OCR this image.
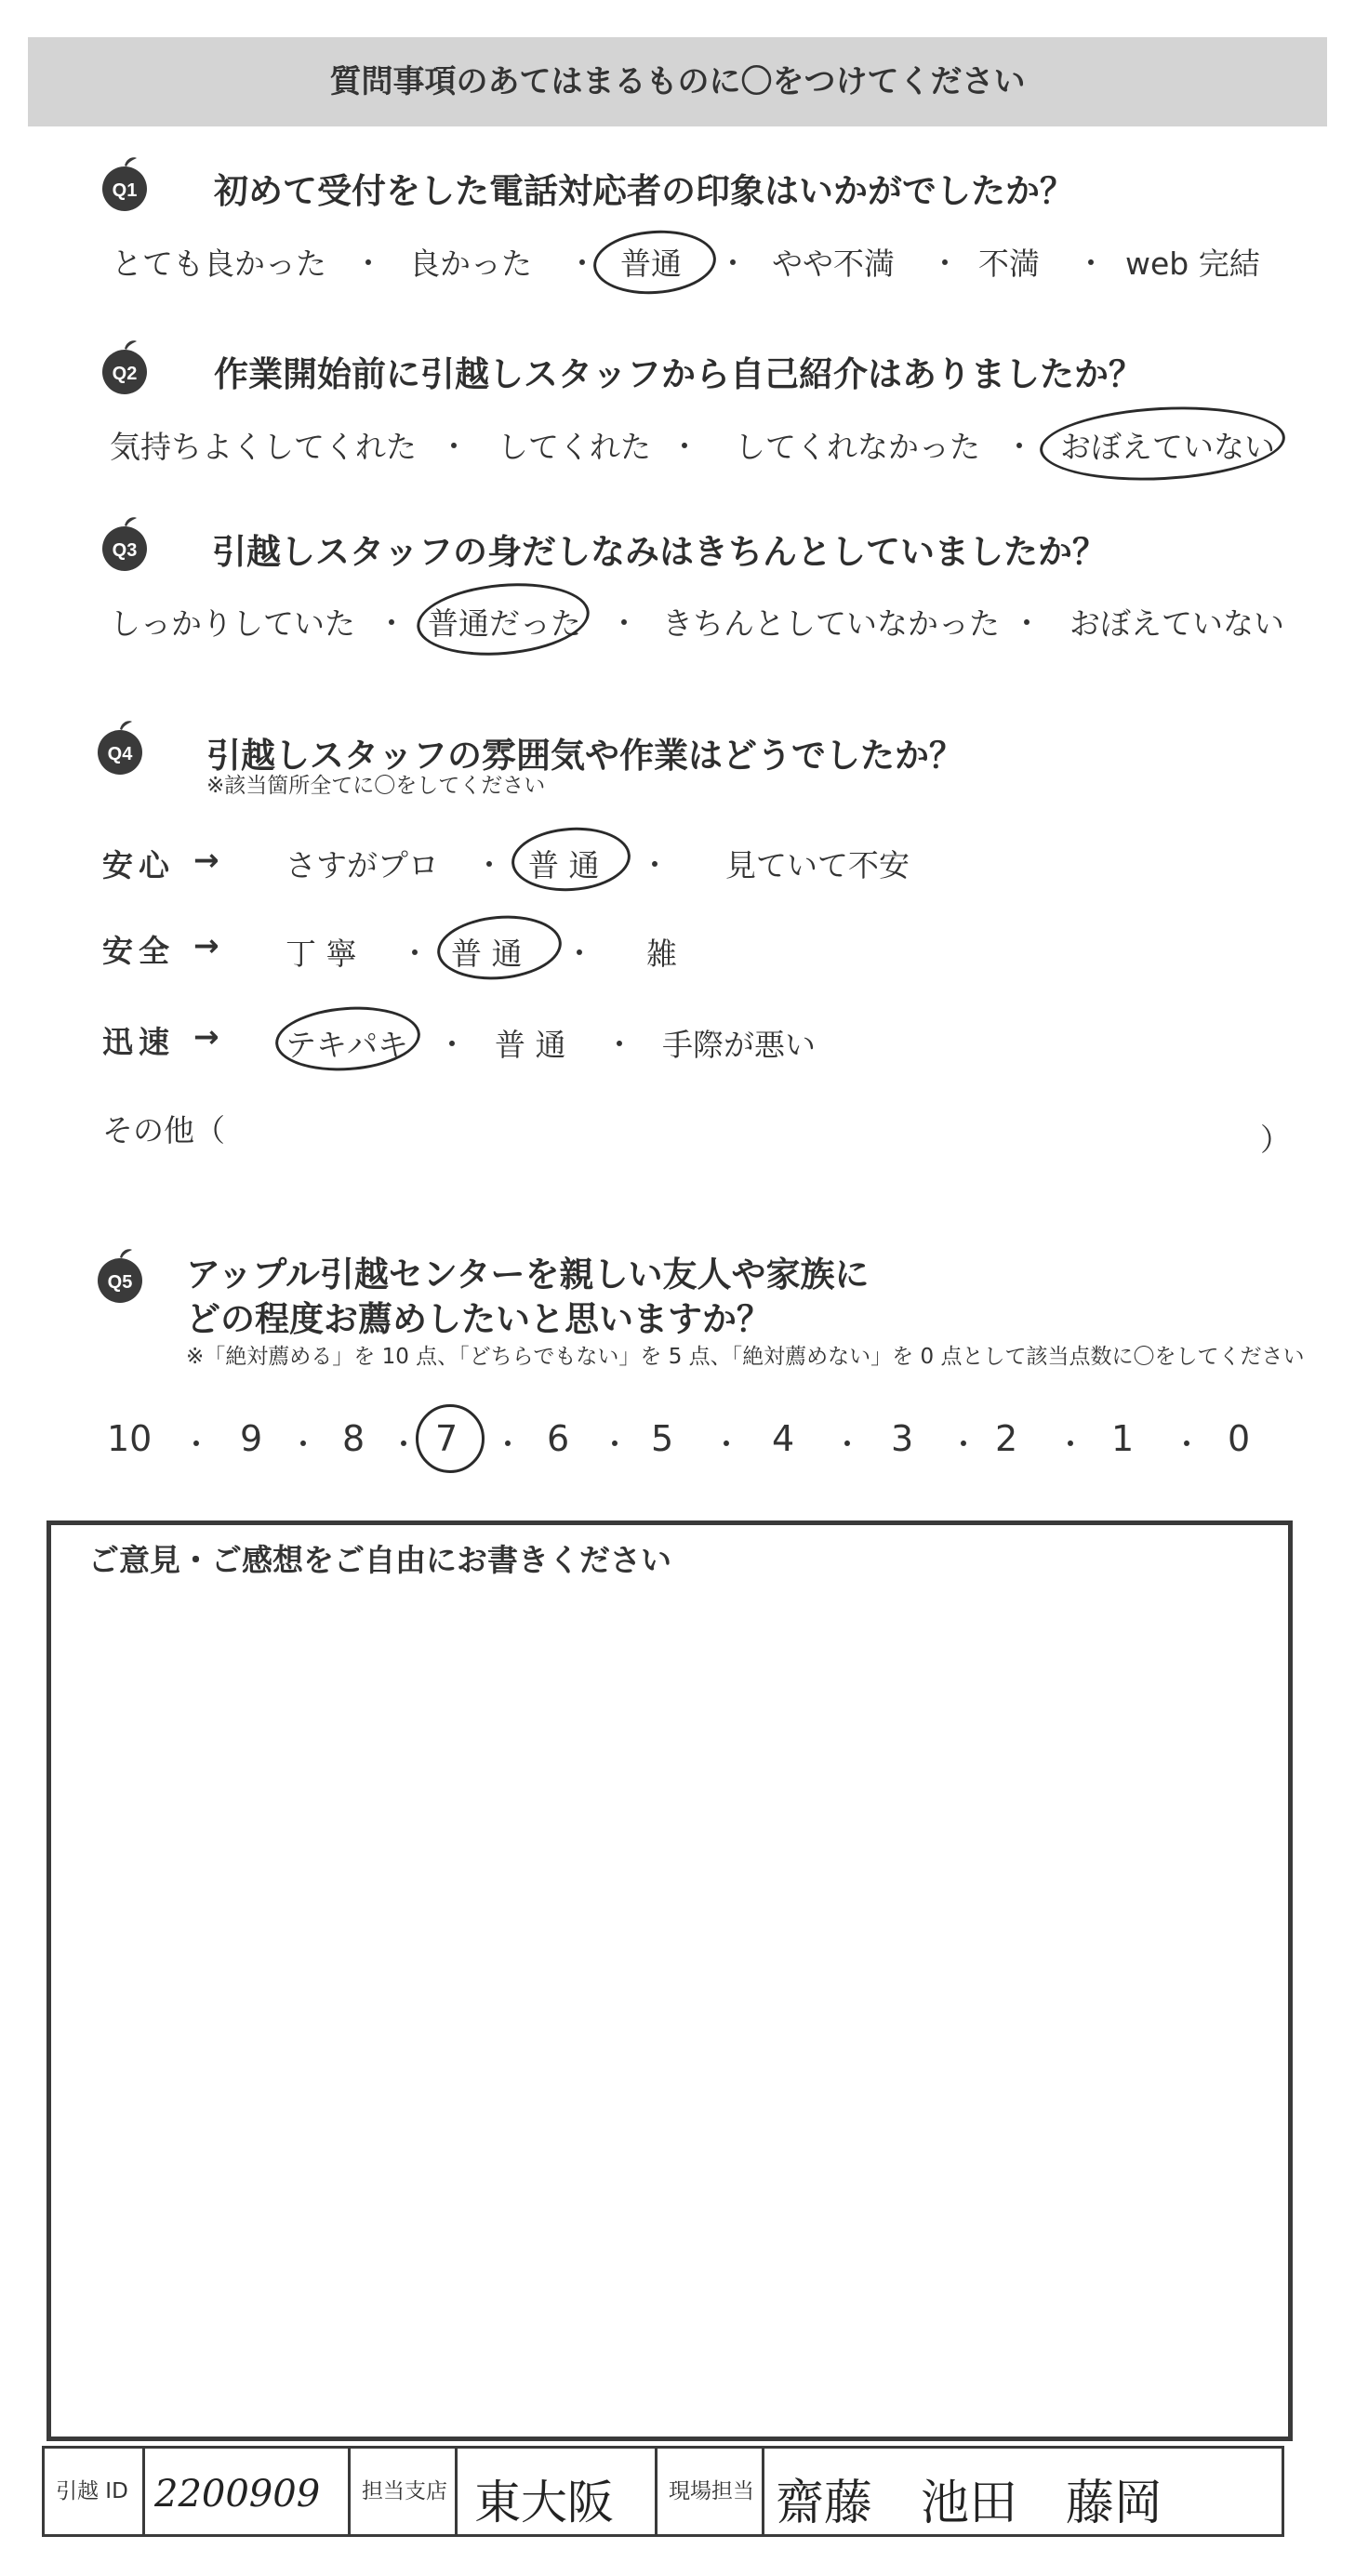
質問事項のあてはまるものに〇をつけてください
Q1 初めて受付をした電話対応者の印象はいかがでしたか？
とても良かった ・ 良かった ・ 普通 ・ やや不満 ・ 不満 ・ web 完結
Q2 作業開始前に引越しスタッフから自己紹介はありましたか？
気持ちよくしてくれた ・ してくれた ・ してくれなかった ・ おぼえていない
Q3 引越しスタッフの身だしなみはきちんとしていましたか？
しっかりしていた ・ 普通だった ・ きちんとしていなかった ・ おぼえていない
Q4 引越しスタッフの雰囲気や作業はどうでしたか？
※該当箇所全てに〇をしてください
安心 → さすがプロ ・ 普 通 ・ 見ていて不安
安全 → 丁 寧 ・ 普 通 ・ 雑
迅速 → テキパキ ・ 普 通 ・ 手際が悪い
その他（	）
Q5 アップル引越センターを親しい友人や家族に
どの程度お薦めしたいと思いますか？
※「絶対薦める」を 10 点、「どちらでもない」を 5 点、「絶対薦めない」を 0 点として該当点数に〇をしてください
10 ・ 9 ・ 8 ・ 7 ・ 6 ・ 5 ・ 4 ・ 3 ・ 2 ・ 1 ・ 0
ご意見・ご感想をご自由にお書きください
引越 ID 2200909	担当支店 東大阪	現場担当 齋藤　池田　藤岡
